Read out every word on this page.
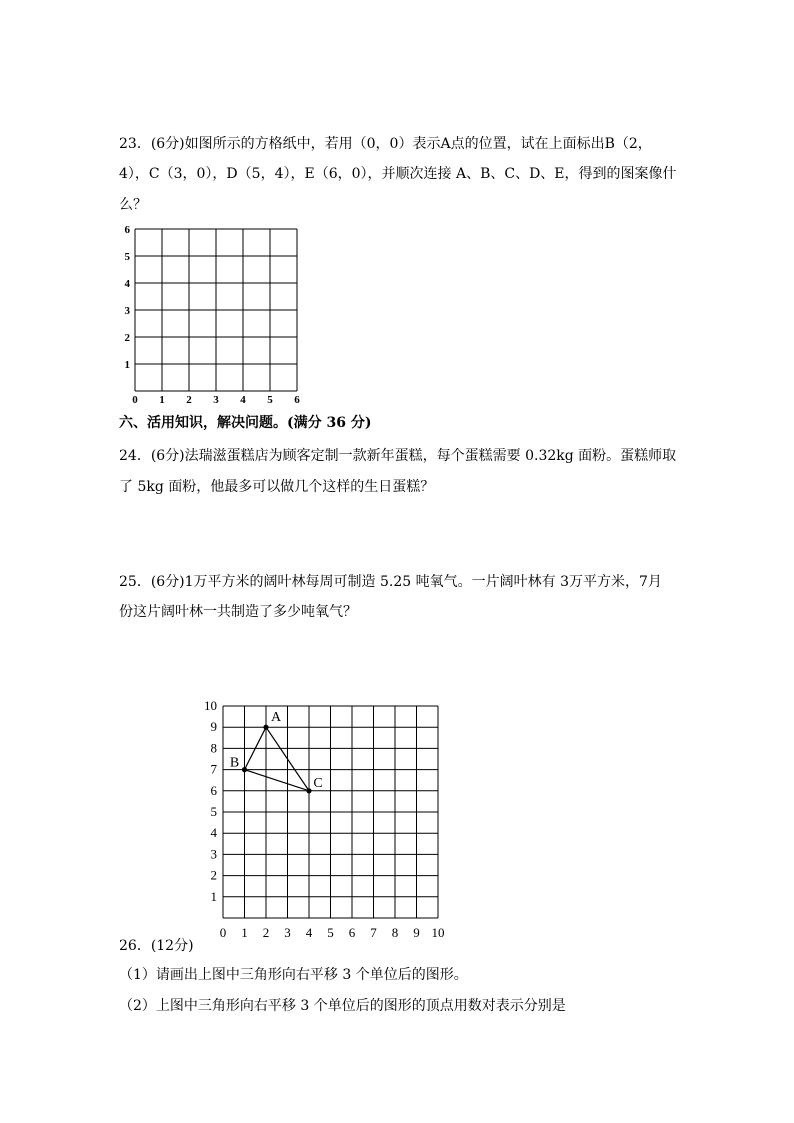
23．(6分)如图所示的方格纸中，若用（0，0）表示A点的位置，试在上面标出B（2，
4），C（3，0），D（5，4），E（6，0），并顺次连接 A、B、C、D、E，得到的图案像什
么？
0 1 2 3 4 5 6
1
2
3
4
5
6
六、活用知识，解决问题。(满分 36 分)
24．(6分)法瑞滋蛋糕店为顾客定制一款新年蛋糕，每个蛋糕需要 0.32kg 面粉。蛋糕师取
了 5kg 面粉，他最多可以做几个这样的生日蛋糕？
25．(6分)1万平方米的阔叶林每周可制造 5.25 吨氧气。一片阔叶林有 3万平方米，7月
份这片阔叶林一共制造了多少吨氧气？
0 1 2 3 4 5 6 7 8 9 10
1
2
3
4
5
6
7
8
9
10
A
B
C
26．(12分)
（1）请画出上图中三角形向右平移 3 个单位后的图形。
（2）上图中三角形向右平移 3 个单位后的图形的顶点用数对表示分别是
